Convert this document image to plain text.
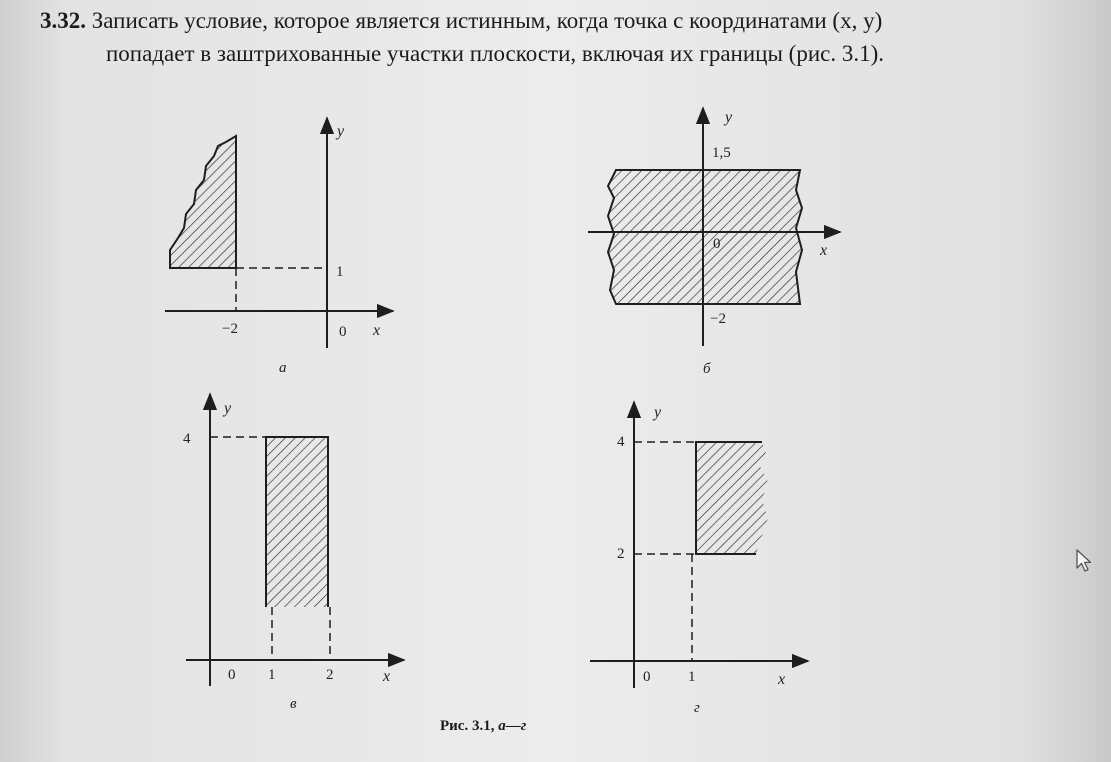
3.32. Записать условие, которое является истинным, когда точка с координатами (x, y)
попадает в заштрихованные участки плоскости, включая их границы (рис. 3.1).
−2
1
0 x
y
а
1,5
−2
0	x
y
б
4
1	2
0	x
y
в
4
2
1
0	x
y
г
Рис. 3.1, а—г
